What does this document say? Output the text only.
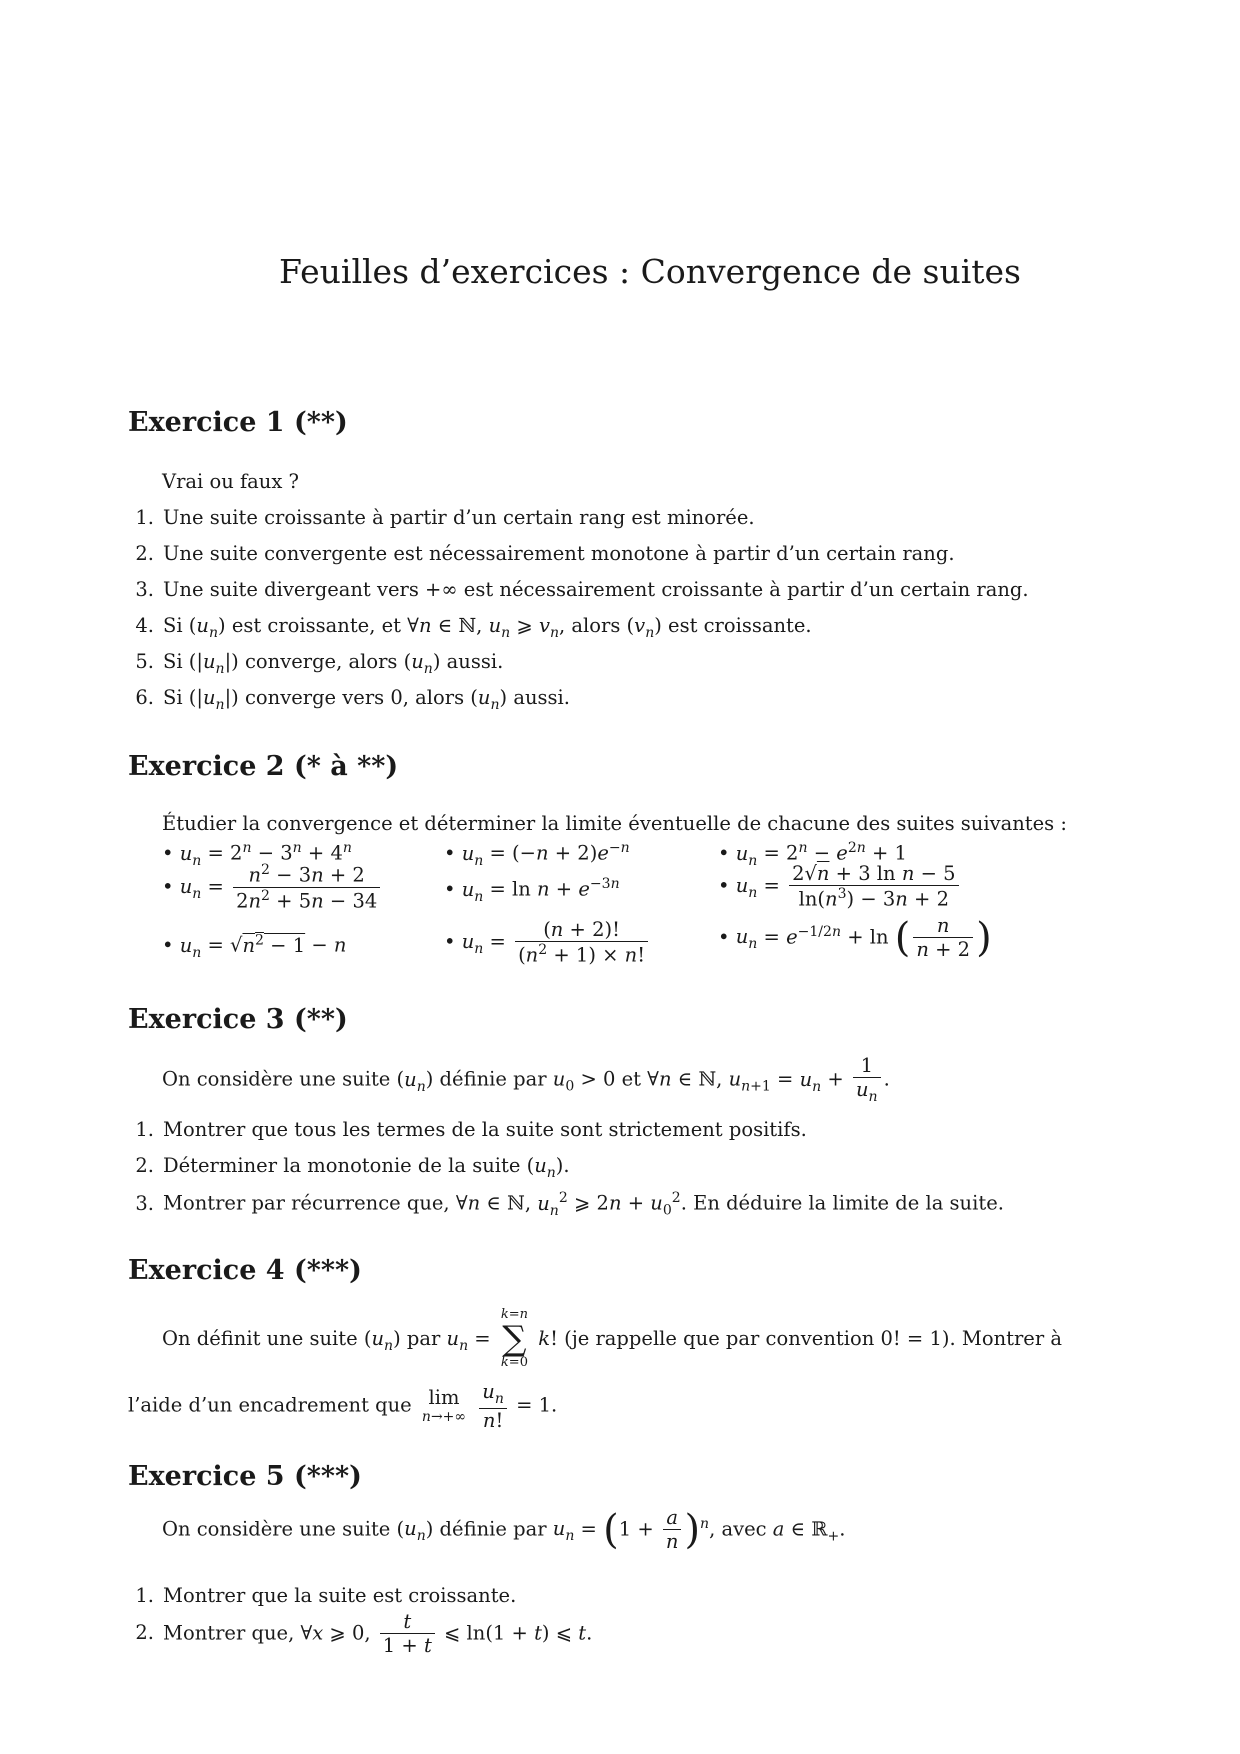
Feuilles d’exercices : Convergence de suites
Exercice 1 (**)
Vrai ou faux ?
1. Une suite croissante à partir d’un certain rang est minorée.
2. Une suite convergente est nécessairement monotone à partir d’un certain rang.
3. Une suite divergeant vers +∞ est nécessairement croissante à partir d’un certain rang.
4. Si $(u_n)$ est croissante, et ∀n ∈ ℕ, $u_n$ ⩾ $v_n$, alors $(v_n)$ est croissante.
5. Si $(|u_n|)$ converge, alors $(u_n)$ aussi.
6. Si $(|u_n|)$ converge vers 0, alors $(u_n)$ aussi.
Exercice 2 (* à **)
Étudier la convergence et déterminer la limite éventuelle de chacune des suites suivantes :
• $u_n = 2^n - 3^n + 4^n$	• $u_n = (-n + 2)e^{-n}$	• $u_n = 2^n - e^{2n} + 1$
• $u_n = \frac{n^2 - 3n + 2}{2n^2 + 5n - 34}$	• $u_n = \ln n + e^{-3n}$	• $u_n = \frac{\text{2√n + 3 ln n − 5}}{\ln(n^3) - 3n + 2}$
• $u_n = √n^2 - 1 - n$	• $u_n = \frac{(n + 2)!}{(n^2 + 1) \times n!}$	• $u_n = e^{-1/2n} + \ln$ ( $\frac{n}{n + 2}$ )
Exercice 3 (**)
On considère une suite $(u_n)$ définie par $u_0 > 0$ et ∀n ∈ ℕ, $u_{n+1} = u_n + \frac{1}{u_n}$ .
1. Montrer que tous les termes de la suite sont strictement positifs.
2. Déterminer la monotonie de la suite $(u_n)$.
3. Montrer par récurrence que, ∀n ∈ ℕ, $u_n^2$ ⩾ $2n + u_0^2$. En déduire la limite de la suite.
Exercice 4 (***)
On définit une suite $(u_n)$ par $u_n = k=n$
∑
k=0 k! (je rappelle que par convention 0! = 1). Montrer à
l’aide d’un encadrement que lim
$n\to+\infty \frac{u_n}{n!} = 1$.
Exercice 5 (***)
On considère une suite $(u_n)$ définie par $u_n = (1 + \frac{a}{n} )^n$, avec a ∈ ℝ$_+$.
1. Montrer que la suite est croissante.
2. Montrer que, ∀x ⩾ 0, $\frac{t}{1 + t}$ ⩽ ln(1 + t) ⩽ t.
